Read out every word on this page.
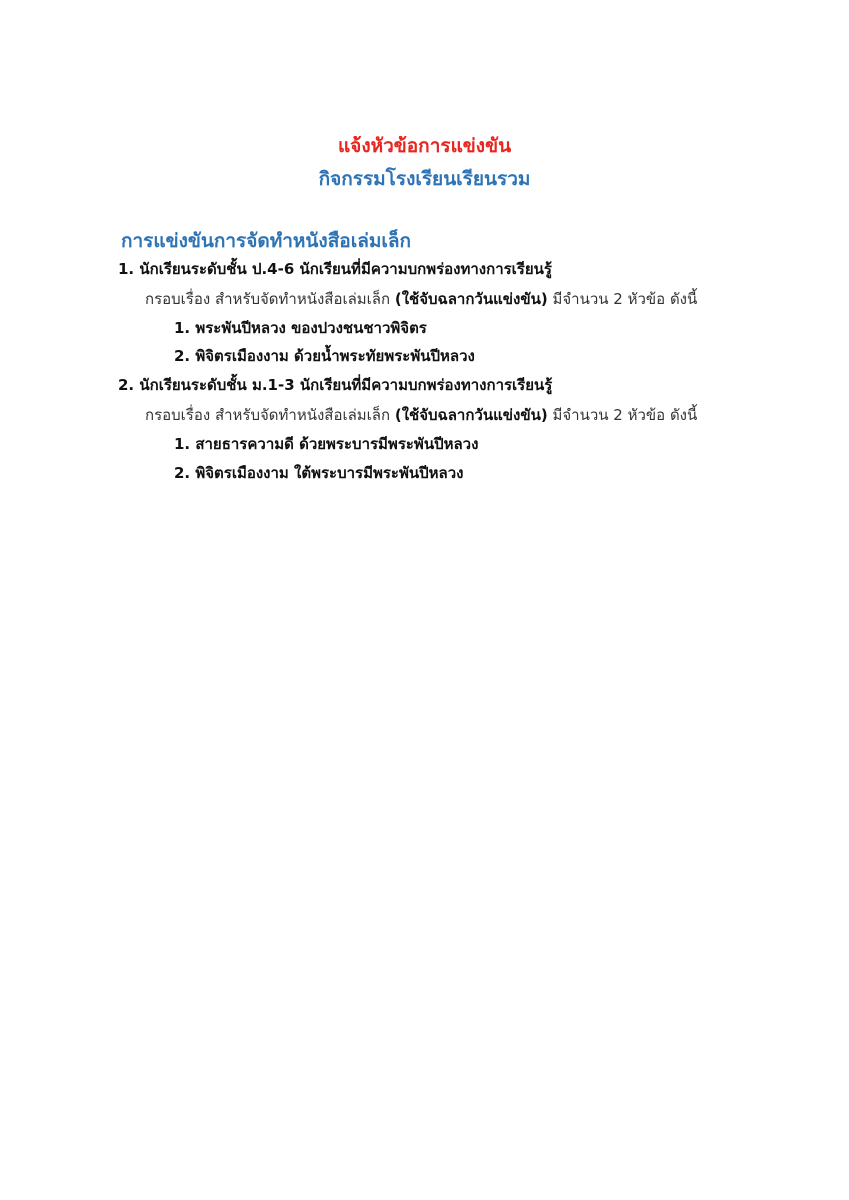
แจ้งหัวข้อการแข่งขัน
กิจกรรมโรงเรียนเรียนรวม
การแข่งขันการจัดทำหนังสือเล่มเล็ก
1. นักเรียนระดับชั้น ป.4-6 นักเรียนที่มีความบกพร่องทางการเรียนรู้
กรอบเรื่อง สำหรับจัดทำหนังสือเล่มเล็ก (ใช้จับฉลากวันแข่งขัน) มีจำนวน 2 หัวข้อ ดังนี้
1. พระพันปีหลวง ของปวงชนชาวพิจิตร
2. พิจิตรเมืองงาม ด้วยน้ำพระทัยพระพันปีหลวง
2. นักเรียนระดับชั้น ม.1-3 นักเรียนที่มีความบกพร่องทางการเรียนรู้
กรอบเรื่อง สำหรับจัดทำหนังสือเล่มเล็ก (ใช้จับฉลากวันแข่งขัน) มีจำนวน 2 หัวข้อ ดังนี้
1. สายธารความดี ด้วยพระบารมีพระพันปีหลวง
2. พิจิตรเมืองงาม ใต้พระบารมีพระพันปีหลวง
